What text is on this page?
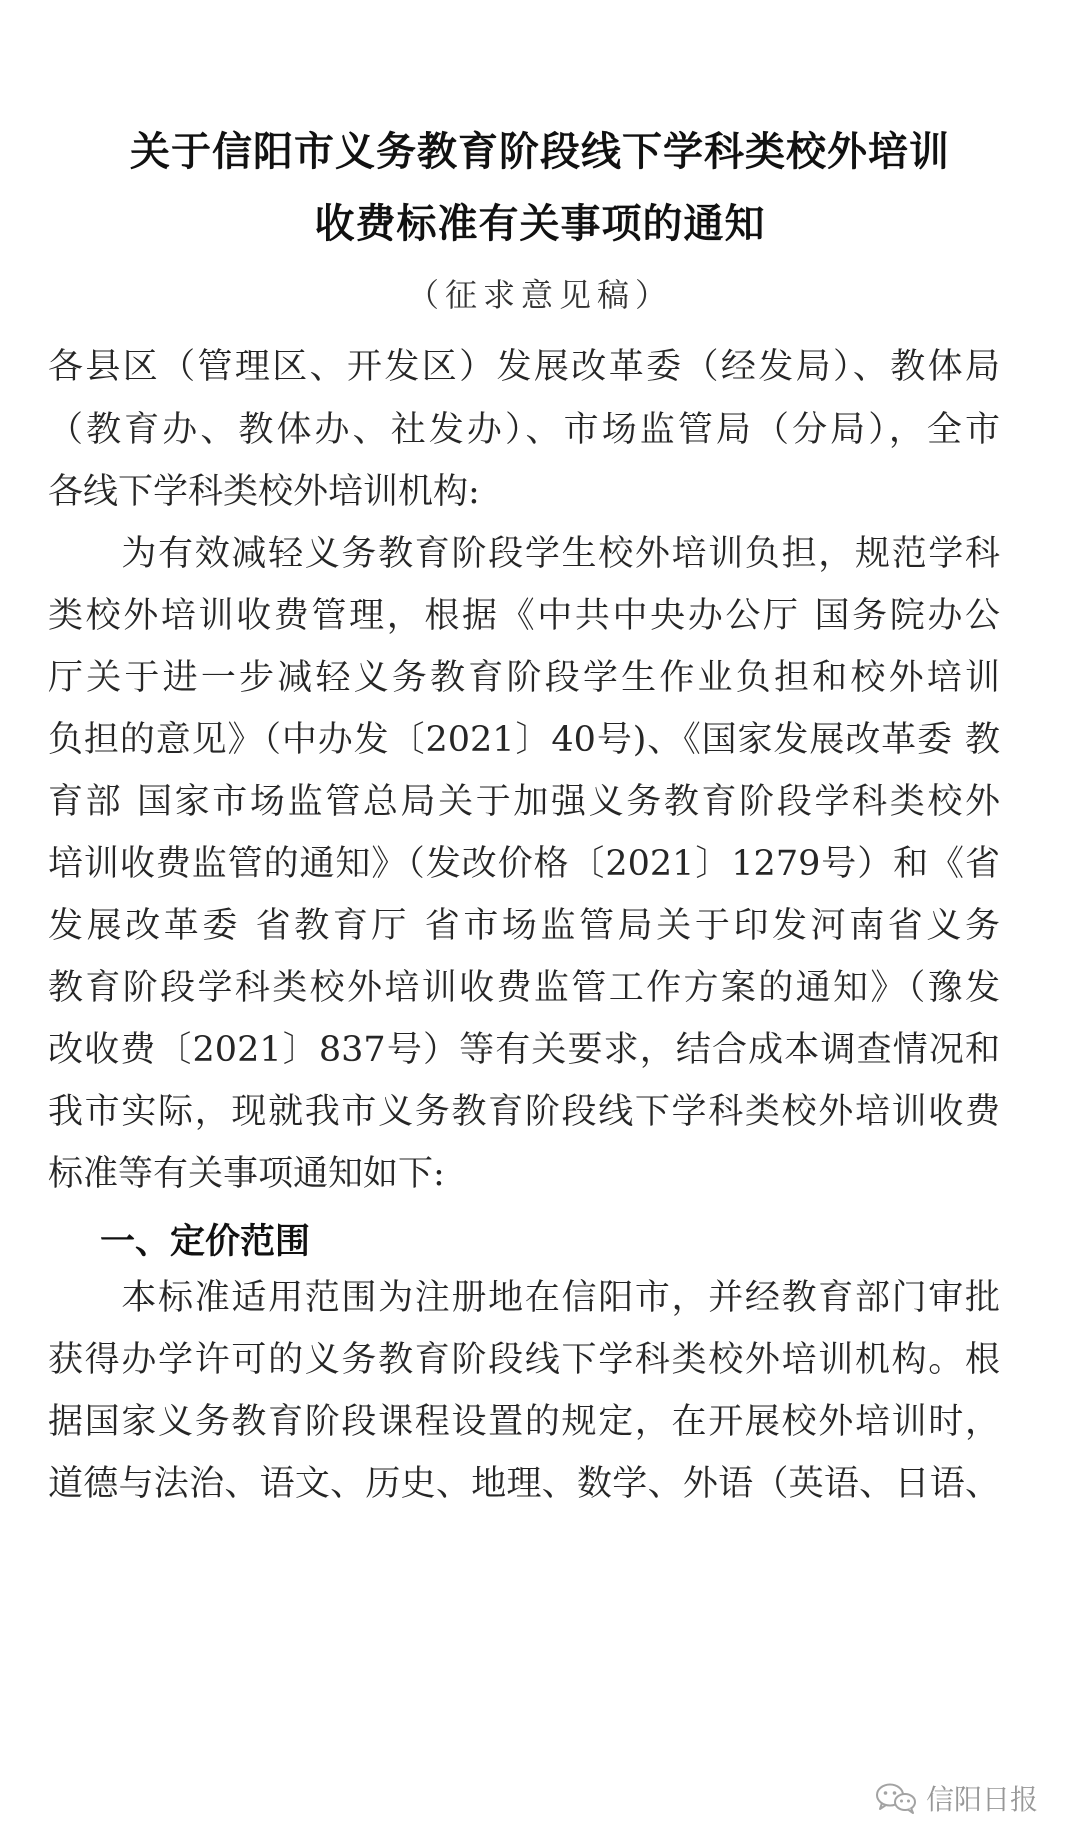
关于信阳市义务教育阶段线下学科类校外培训
收费标准有关事项的通知
（征求意见稿）
各县区（管理区、开发区）发展改革委（经发局）、教体局
（教育办、教体办、社发办）、市场监管局（分局），全市
各线下学科类校外培训机构:
　　为有效减轻义务教育阶段学生校外培训负担，规范学科
类校外培训收费管理，根据《中共中央办公厅 国务院办公
厅关于进一步减轻义务教育阶段学生作业负担和校外培训
负担的意见》（中办发〔2021〕40号)、《国家发展改革委 教
育部 国家市场监管总局关于加强义务教育阶段学科类校外
培训收费监管的通知》（发改价格〔2021〕1279号）和《省
发展改革委 省教育厅 省市场监管局关于印发河南省义务
教育阶段学科类校外培训收费监管工作方案的通知》（豫发
改收费〔2021〕837号）等有关要求，结合成本调查情况和
我市实际，现就我市义务教育阶段线下学科类校外培训收费
标准等有关事项通知如下:
一、定价范围
　　本标准适用范围为注册地在信阳市，并经教育部门审批
获得办学许可的义务教育阶段线下学科类校外培训机构。根
据国家义务教育阶段课程设置的规定，在开展校外培训时，
道德与法治、语文、历史、地理、数学、外语（英语、日语、
信阳日报
